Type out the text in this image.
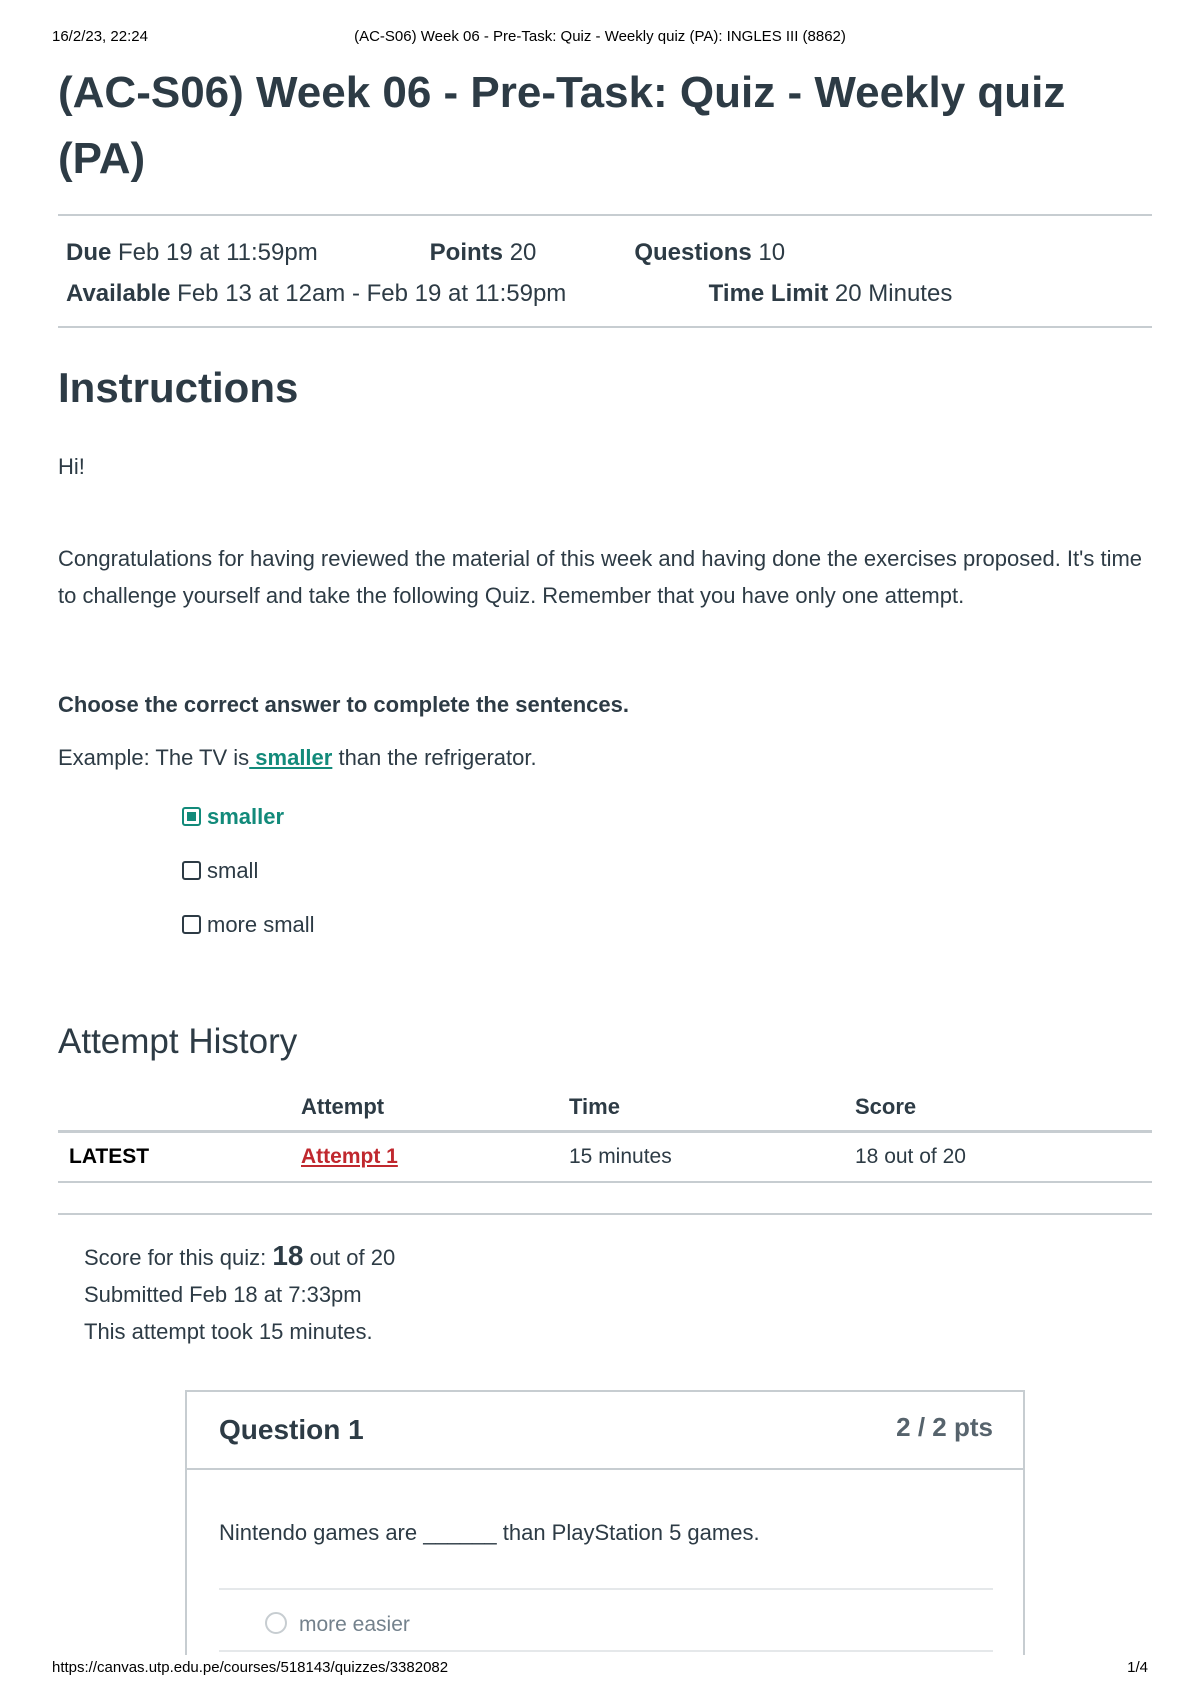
16/2/23, 22:24	(AC-S06) Week 06 - Pre-Task: Quiz - Weekly quiz (PA): INGLES III (8862)
(AC-S06) Week 06 - Pre-Task: Quiz - Weekly quiz (PA)
Due Feb 19 at 11:59pm	Points 20	Questions 10
Available Feb 13 at 12am - Feb 19 at 11:59pm	Time Limit 20 Minutes
Instructions

Hi!

Congratulations for having reviewed the material of this week and having done the exercises proposed. It's time to challenge yourself and take the following Quiz. Remember that you have only one attempt.

Choose the correct answer to complete the sentences.

Example: The TV is smaller than the refrigerator.

smaller
small
more small
Attempt History
	Attempt	Time	Score
LATEST	Attempt 1	15 minutes	18 out of 20
Score for this quiz: 18 out of 20
Submitted Feb 18 at 7:33pm
This attempt took 15 minutes.
Question 1	2 / 2 pts
Nintendo games are ______ than PlayStation 5 games.
more easier
https://canvas.utp.edu.pe/courses/518143/quizzes/3382082	1/4
